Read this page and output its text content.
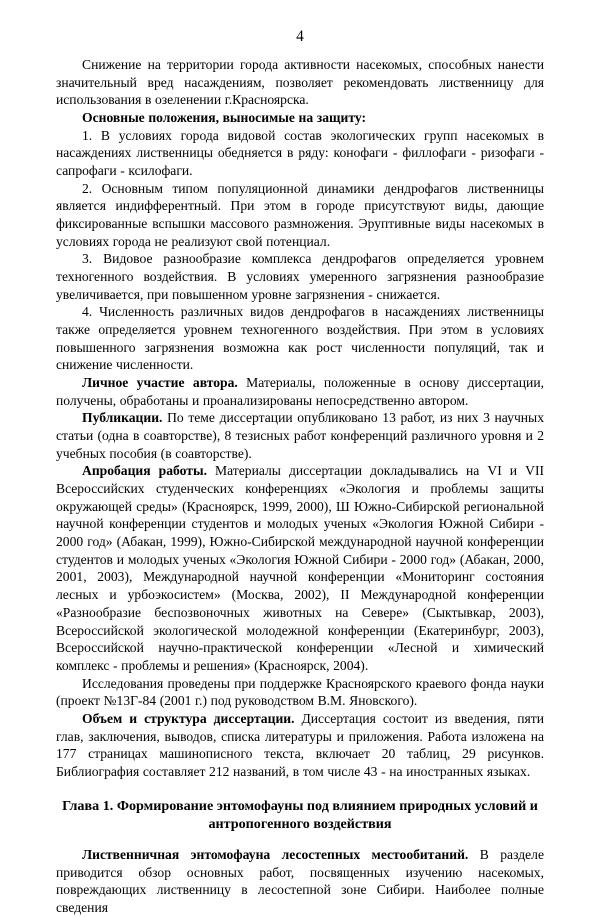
4

Снижение на территории города активности насекомых, способных нанести значительный вред насаждениям, позволяет рекомендовать лиственницу для использования в озеленении г.Красноярска.

Основные положения, выносимые на защиту:

1. В условиях города видовой состав экологических групп насекомых в насаждениях лиственницы обедняется в ряду: конофаги - филлофаги - ризофаги - сапрофаги - ксилофаги.

2. Основным типом популяционной динамики дендрофагов лиственницы является индифферентный. При этом в городе присутствуют виды, дающие фиксированные вспышки массового размножения. Эруптивные виды насекомых в условиях города не реализуют свой потенциал.

3. Видовое разнообразие комплекса дендрофагов определяется уровнем техногенного воздействия. В условиях умеренного загрязнения разнообразие увеличивается, при повышенном уровне загрязнения - снижается.

4. Численность различных видов дендрофагов в насаждениях лиственницы также определяется уровнем техногенного воздействия. При этом в условиях повышенного загрязнения возможна как рост численности популяций, так и снижение численности.

Личное участие автора. Материалы, положенные в основу диссертации, получены, обработаны и проанализированы непосредственно автором.

Публикации. По теме диссертации опубликовано 13 работ, из них 3 научных статьи (одна в соавторстве), 8 тезисных работ конференций различного уровня и 2 учебных пособия (в соавторстве).

Апробация работы. Материалы диссертации докладывались на VI и VII Всероссийских студенческих конференциях «Экология и проблемы защиты окружающей среды» (Красноярск, 1999, 2000), Ш Южно-Сибирской региональной научной конференции студентов и молодых ученых «Экология Южной Сибири - 2000 год» (Абакан, 1999), Южно-Сибирской международной научной конференции студентов и молодых ученых «Экология Южной Сибири - 2000 год» (Абакан, 2000, 2001, 2003), Международной научной конференции «Мониторинг состояния лесных и урбоэкосистем» (Москва, 2002), II Международной конференции «Разнообразие беспозвоночных животных на Севере» (Сыктывкар, 2003), Всероссийской экологической молодежной конференции (Екатеринбург, 2003), Всероссийской научно-практической конференции «Лесной и химический комплекс - проблемы и решения» (Красноярск, 2004).

Исследования проведены при поддержке Красноярского краевого фонда науки (проект №13Г-84 (2001 г.) под руководством В.М. Яновского).

Объем и структура диссертации. Диссертация состоит из введения, пяти глав, заключения, выводов, списка литературы и приложения. Работа изложена на 177 страницах машинописного текста, включает 20 таблиц, 29 рисунков. Библиография составляет 212 названий, в том числе 43 - на иностранных языках.

Глава 1. Формирование энтомофауны под влиянием природных условий и антропогенного воздействия

Лиственничная энтомофауна лесостепных местообитаний. В разделе приводится обзор основных работ, посвященных изучению насекомых, повреждающих лиственницу в лесостепной зоне Сибири. Наиболее полные сведения
